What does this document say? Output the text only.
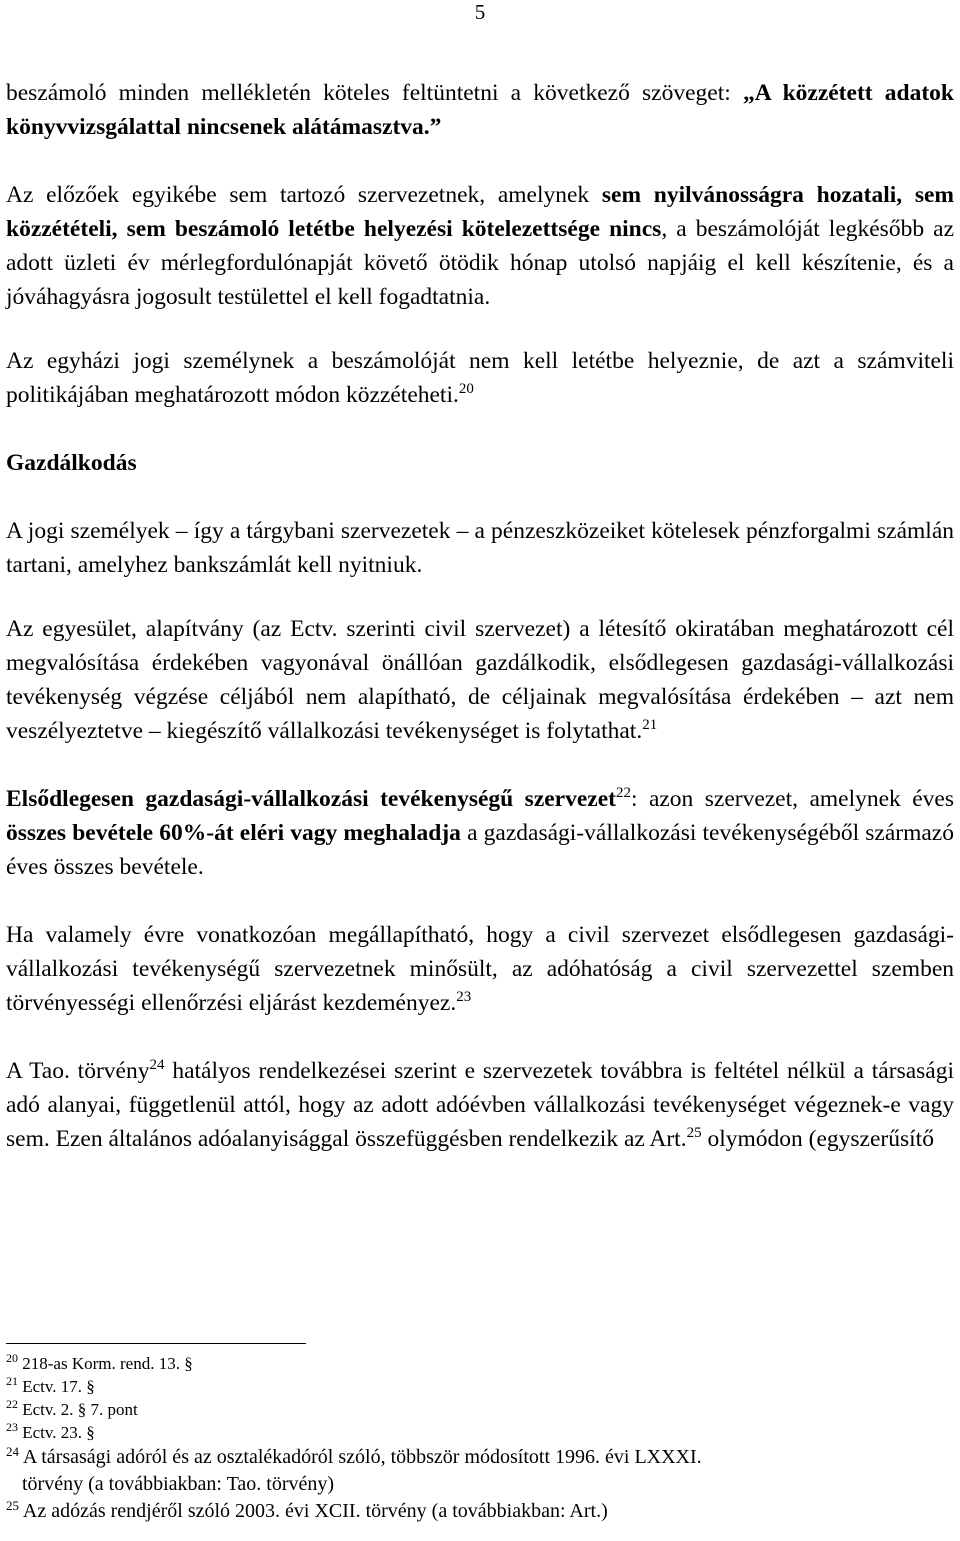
5

beszámoló minden mellékletén köteles feltüntetni a következő szöveget: „A közzétett adatok könyvvizsgálattal nincsenek alátámasztva.”

Az előzőek egyikébe sem tartozó szervezetnek, amelynek sem nyilvánosságra hozatali, sem közzétételi, sem beszámoló letétbe helyezési kötelezettsége nincs, a beszámolóját legkésőbb az adott üzleti év mérlegfordulónapját követő ötödik hónap utolsó napjáig el kell készítenie, és a jóváhagyásra jogosult testülettel el kell fogadtatnia.

Az egyházi jogi személynek a beszámolóját nem kell letétbe helyeznie, de azt a számviteli politikájában meghatározott módon közzéteheti.$^{20}$

Gazdálkodás

A jogi személyek – így a tárgybani szervezetek – a pénzeszközeiket kötelesek pénzforgalmi számlán tartani, amelyhez bankszámlát kell nyitniuk.

Az egyesület, alapítvány (az Ectv. szerinti civil szervezet) a létesítő okiratában meghatározott cél megvalósítása érdekében vagyonával önállóan gazdálkodik, elsődlegesen gazdasági-vállalkozási tevékenység végzése céljából nem alapítható, de céljainak megvalósítása érdekében – azt nem veszélyeztetve – kiegészítő vállalkozási tevékenységet is folytathat.$^{21}$

Elsődlegesen gazdasági-vállalkozási tevékenységű szervezet$^{22}$: azon szervezet, amelynek éves összes bevétele 60%-át eléri vagy meghaladja a gazdasági-vállalkozási tevékenységéből származó éves összes bevétele.

Ha valamely évre vonatkozóan megállapítható, hogy a civil szervezet elsődlegesen gazdasági-vállalkozási tevékenységű szervezetnek minősült, az adóhatóság a civil szervezettel szemben törvényességi ellenőrzési eljárást kezdeményez.$^{23}$

A Tao. törvény$^{24}$ hatályos rendelkezései szerint e szervezetek továbbra is feltétel nélkül a társasági adó alanyai, függetlenül attól, hogy az adott adóévben vállalkozási tevékenységet végeznek-e vagy sem. Ezen általános adóalanyisággal összefüggésben rendelkezik az Art.$^{25}$ olymódon (egyszerűsítő

$^{20}$ 218-as Korm. rend. 13. §

$^{21}$ Ectv. 17. §

$^{22}$ Ectv. 2. § 7. pont

$^{23}$ Ectv. 23. §

$^{24}$ A társasági adóról és az osztalékadóról szóló, többször módosított 1996. évi LXXXI.

törvény (a továbbiakban: Tao. törvény)

$^{25}$ Az adózás rendjéről szóló 2003. évi XCII. törvény (a továbbiakban: Art.)
